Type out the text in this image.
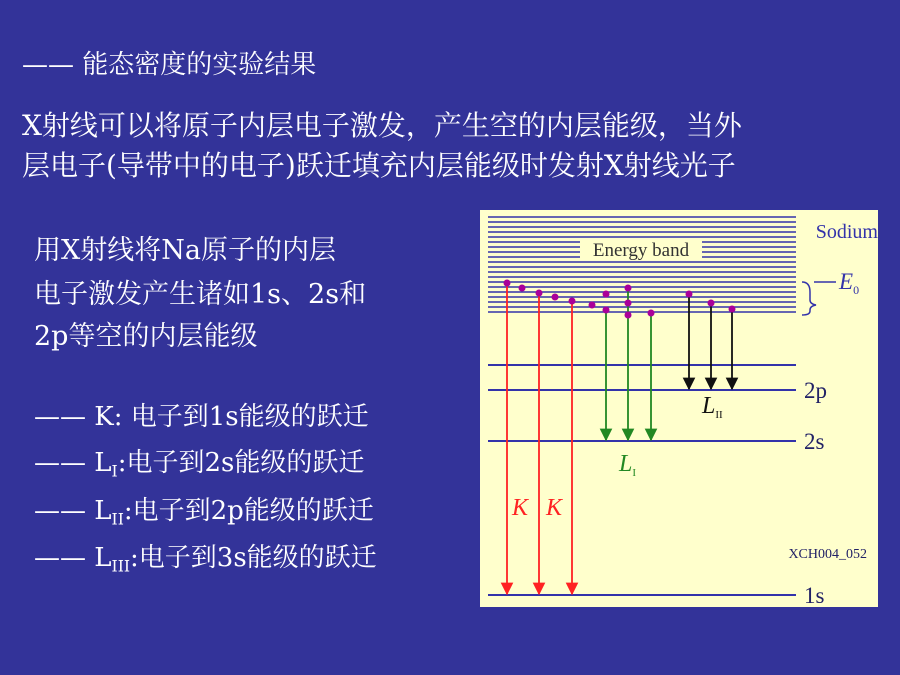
—— 能态密度的实验结果
X射线可以将原子内层电子激发，产生空的内层能级，当外
层电子(导带中的电子)跃迁填充内层能级时发射X射线光子
用X射线将Na原子的内层
电子激发产生诸如1s、2s和
2p等空的内层能级
—— K: 电子到1s能级的跃迁
—— $L_I$:电子到2s能级的跃迁
—— $L_{II}$:电子到2p能级的跃迁
—— $L_{III}$:电子到3s能级的跃迁
Sodium
Energy band
$E_0$
2p
2s
1s
K K
$L_I$
$L_{II}$
XCH004_052
